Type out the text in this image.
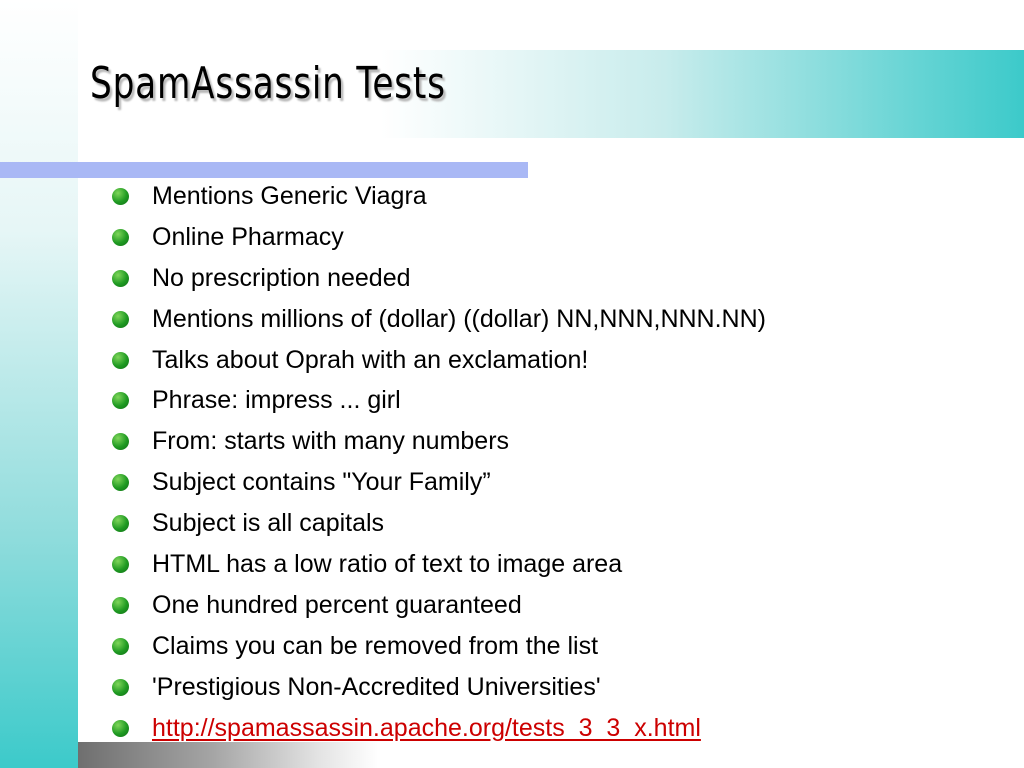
SpamAssassin Tests
Mentions Generic Viagra
Online Pharmacy
No prescription needed
Mentions millions of (dollar) ((dollar) NN,NNN,NNN.NN)
Talks about Oprah with an exclamation!
Phrase: impress ... girl
From: starts with many numbers
Subject contains "Your Family”
Subject is all capitals
HTML has a low ratio of text to image area
One hundred percent guaranteed
Claims you can be removed from the list
'Prestigious Non-Accredited Universities'
http://spamassassin.apache.org/tests_3_3_x.html
